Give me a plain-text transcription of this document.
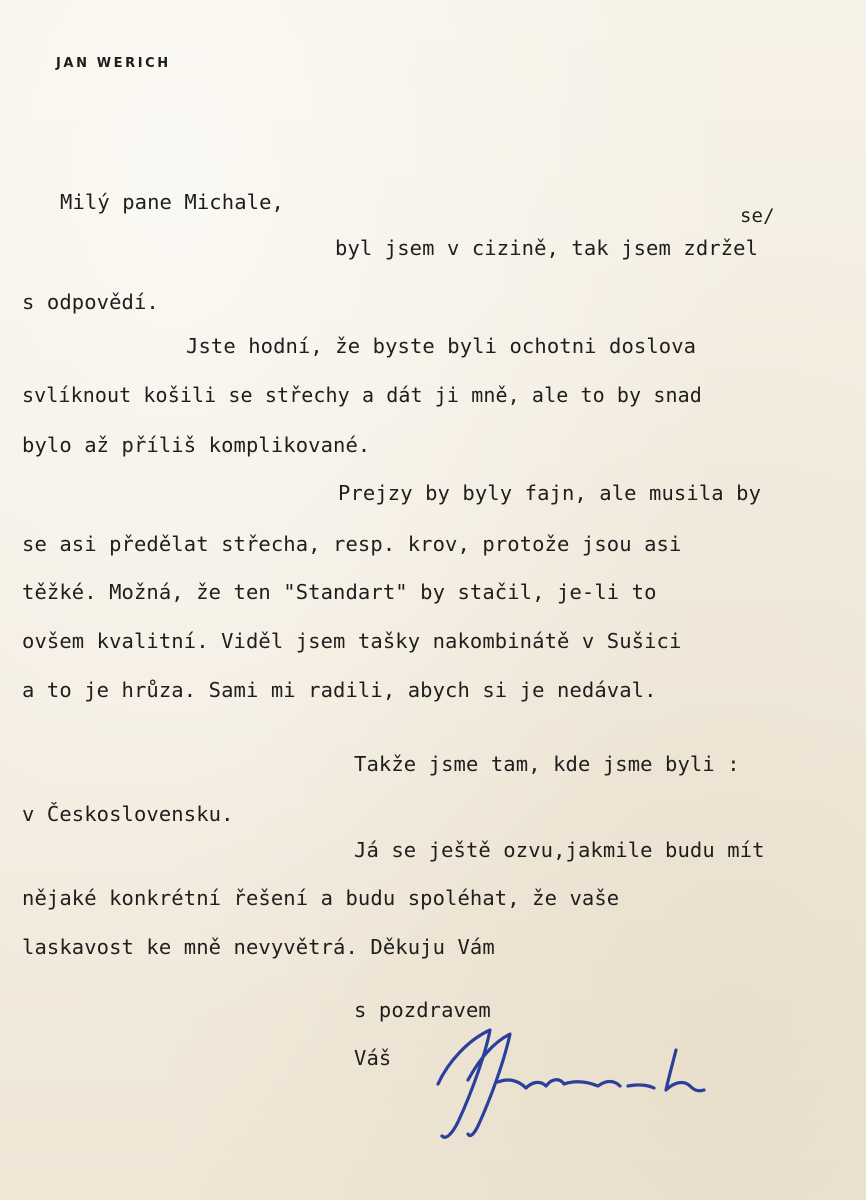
JAN WERICH
Milý pane Michale,
se/
byl jsem v cizině, tak jsem zdržel
s odpovědí.
Jste hodní, že byste byli ochotni doslova
svlíknout košili se střechy a dát ji mně, ale to by snad
bylo až příliš komplikované.
Prejzy by byly fajn, ale musila by
se asi předělat střecha, resp. krov, protože jsou asi
těžké. Možná, že ten "Standart" by stačil, je-li to
ovšem kvalitní. Viděl jsem tašky nakombinátě v Sušici
a to je hrůza. Sami mi radili, abych si je nedával.
Takže jsme tam, kde jsme byli :
v Československu.
Já se ještě ozvu,jakmile budu mít
nějaké konkrétní řešení a budu spoléhat, že vaše
laskavost ke mně nevyvětrá. Děkuju Vám
s pozdravem
Váš
